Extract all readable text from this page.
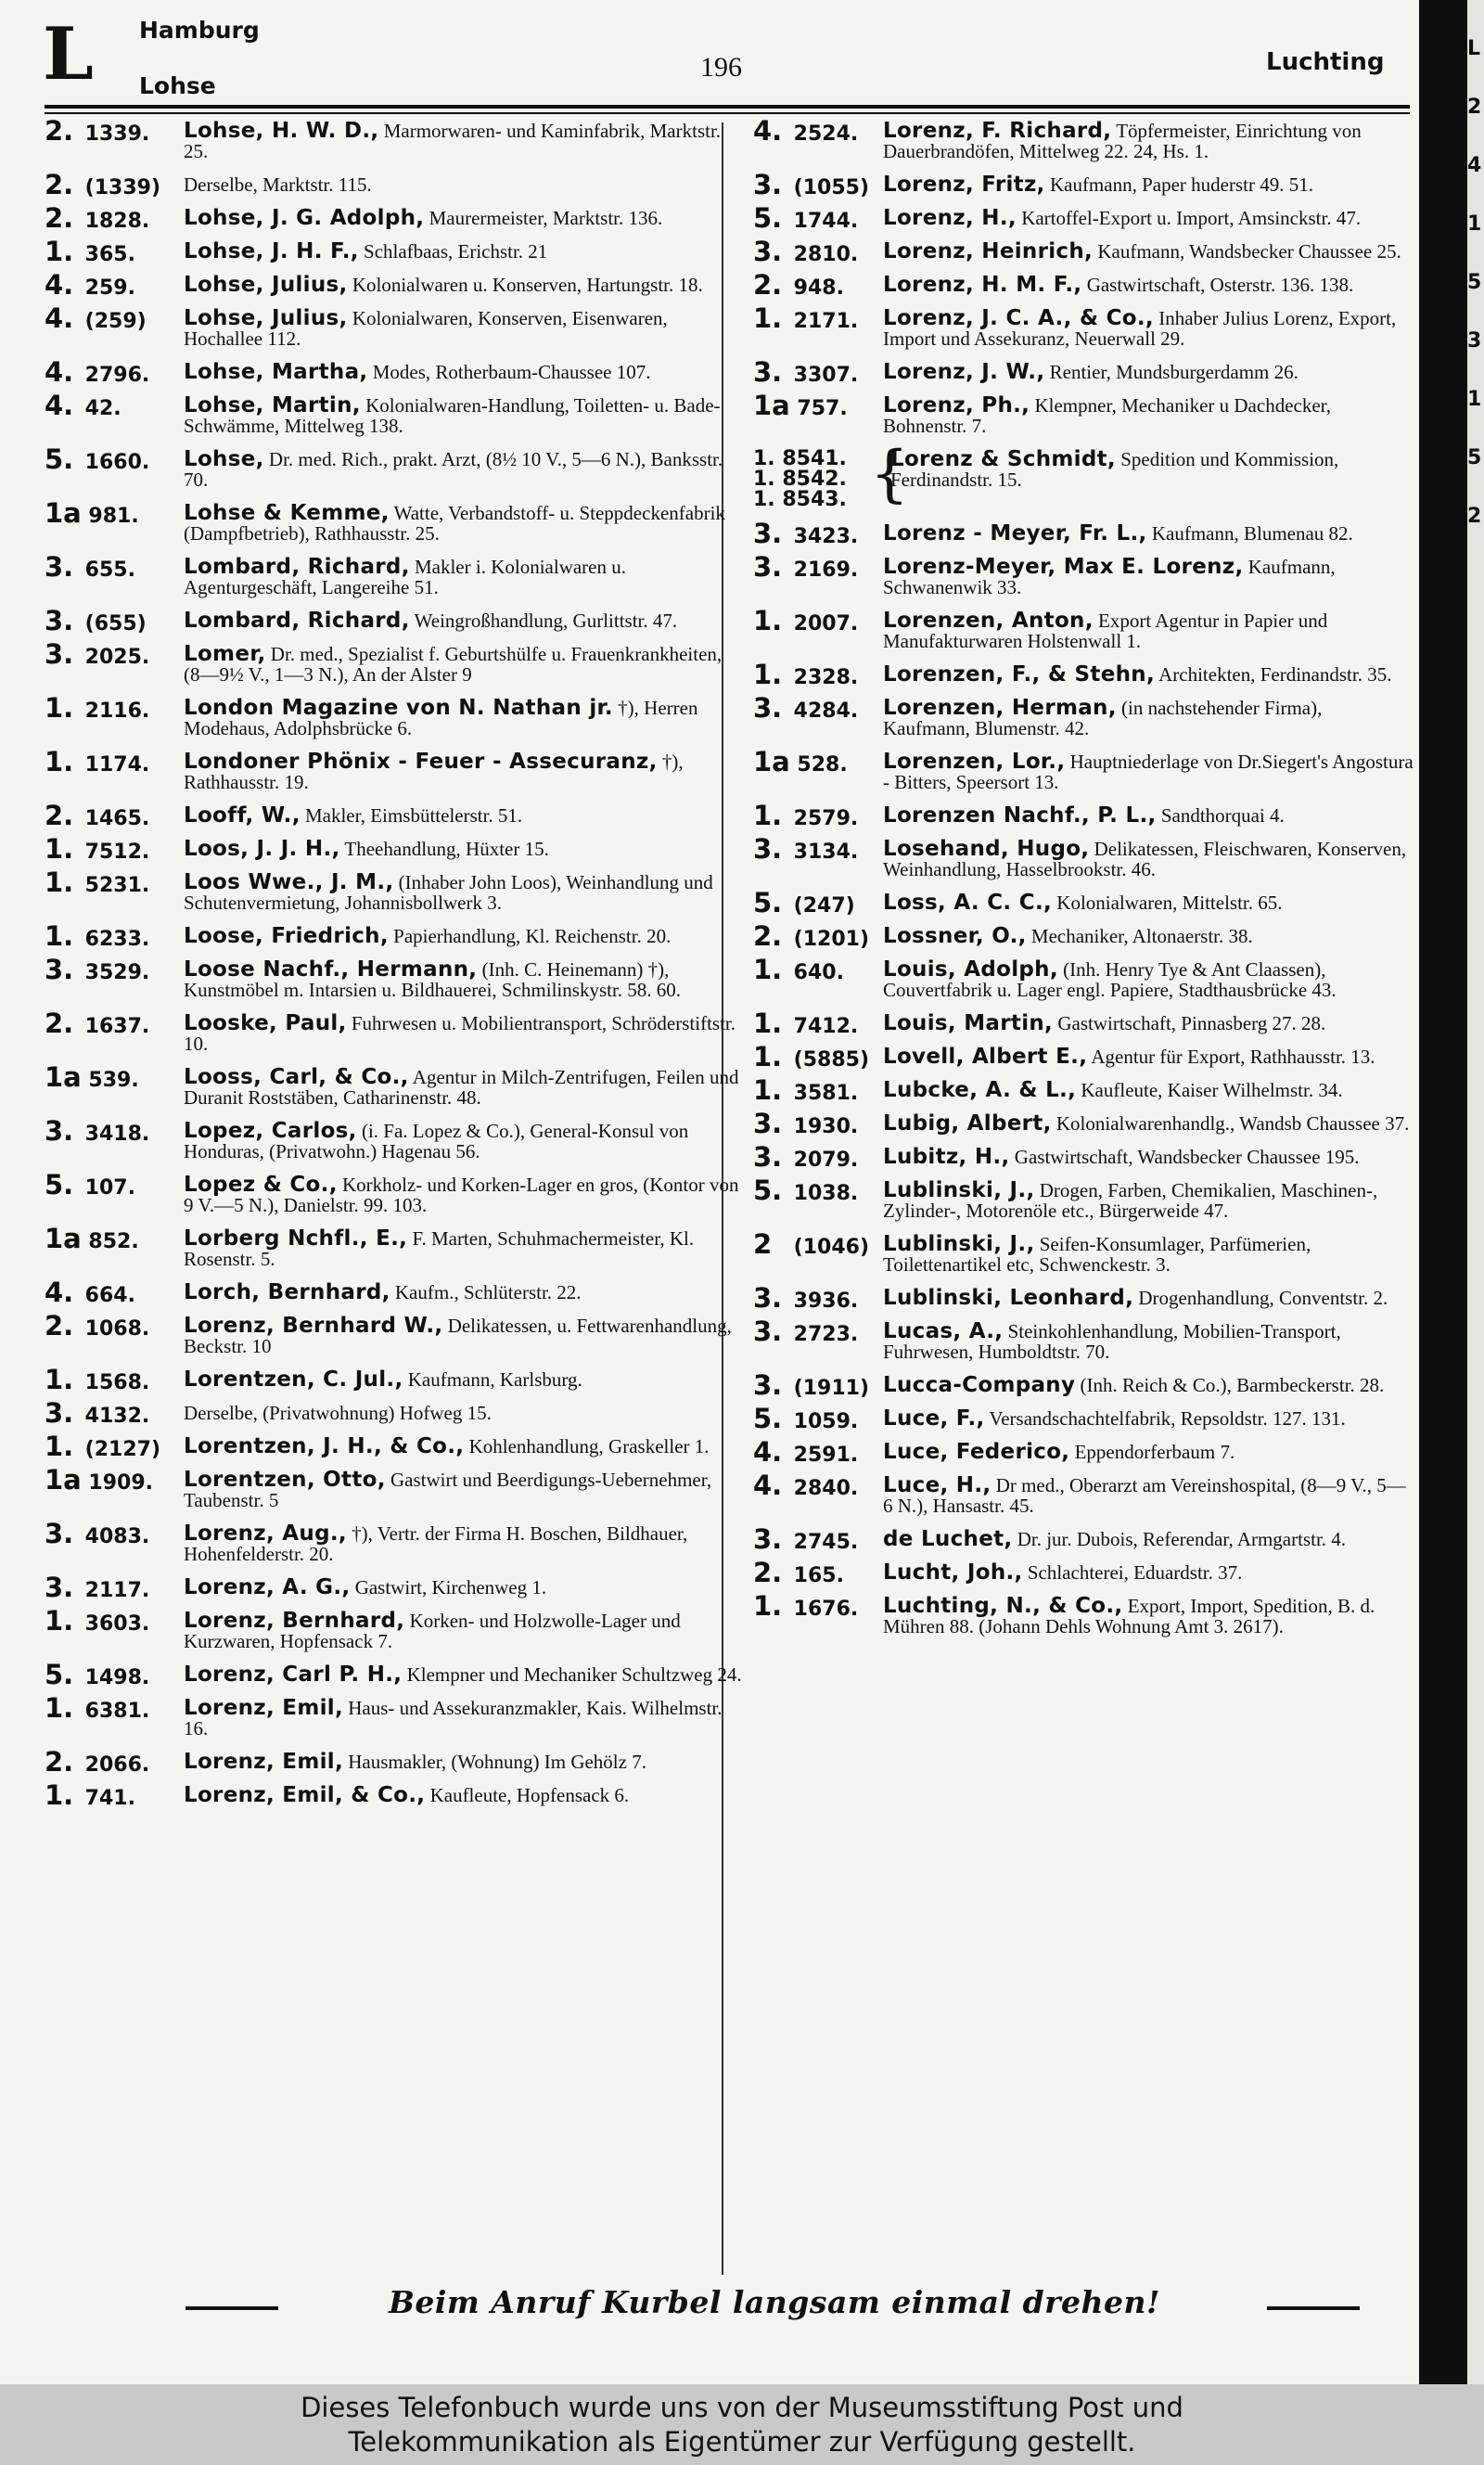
L
2
4
1
5
3
1
5
2
L Hamburg
Lohse
196	Luchting
2. 1339.	Lohse, H. W. D., Marmorwaren- und Kaminfabrik, Marktstr. 25.
2. (1339)	Derselbe, Marktstr. 115.
2. 1828.	Lohse, J. G. Adolph, Maurermeister, Marktstr. 136.
1. 365.	Lohse, J. H. F., Schlafbaas, Erichstr. 21
4. 259.	Lohse, Julius, Kolonialwaren u. Konserven, Hartungstr. 18.
4. (259)	Lohse, Julius, Kolonialwaren, Konserven, Eisenwaren, Hochallee 112.
4. 2796.	Lohse, Martha, Modes, Rotherbaum-Chaussee 107.
4. 42.	Lohse, Martin, Kolonialwaren-Handlung, Toiletten- u. Bade-Schwämme, Mittelweg 138.
5. 1660.	Lohse, Dr. med. Rich., prakt. Arzt, (8½ 10 V., 5—6 N.), Banksstr. 70.
1a 981.	Lohse & Kemme, Watte, Verbandstoff- u. Steppdeckenfabrik (Dampfbetrieb), Rathhausstr. 25.
3. 655.	Lombard, Richard, Makler i. Kolonialwaren u. Agenturgeschäft, Langereihe 51.
3. (655)	Lombard, Richard, Weingroßhandlung, Gurlittstr. 47.
3. 2025.	Lomer, Dr. med., Spezialist f. Geburtshülfe u. Frauenkrankheiten, (8—9½ V., 1—3 N.), An der Alster 9
1. 2116.	London Magazine von N. Nathan jr. †), Herren Modehaus, Adolphsbrücke 6.
1. 1174.	Londoner Phönix - Feuer - Assecuranz, †), Rathhausstr. 19.
2. 1465.	Looff, W., Makler, Eimsbüttelerstr. 51.
1. 7512.	Loos, J. J. H., Theehandlung, Hüxter 15.
1. 5231.	Loos Wwe., J. M., (Inhaber John Loos), Weinhandlung und Schutenvermietung, Johannisbollwerk 3.
1. 6233.	Loose, Friedrich, Papierhandlung, Kl. Reichenstr. 20.
3. 3529.	Loose Nachf., Hermann, (Inh. C. Heinemann) †), Kunstmöbel m. Intarsien u. Bildhauerei, Schmilinskystr. 58. 60.
2. 1637.	Looske, Paul, Fuhrwesen u. Mobilientransport, Schröderstiftstr. 10.
1a 539.	Looss, Carl, & Co., Agentur in Milch-Zentrifugen, Feilen und Duranit Roststäben, Catharinenstr. 48.
3. 3418.	Lopez, Carlos, (i. Fa. Lopez & Co.), General-Konsul von Honduras, (Privatwohn.) Hagenau 56.
5. 107.	Lopez & Co., Korkholz- und Korken-Lager en gros, (Kontor von 9 V.—5 N.), Danielstr. 99. 103.
1a 852.	Lorberg Nchfl., E., F. Marten, Schuhmachermeister, Kl. Rosenstr. 5.
4. 664.	Lorch, Bernhard, Kaufm., Schlüterstr. 22.
2. 1068.	Lorenz, Bernhard W., Delikatessen, u. Fettwarenhandlung, Beckstr. 10
1. 1568.	Lorentzen, C. Jul., Kaufmann, Karlsburg.
3. 4132.	Derselbe, (Privatwohnung) Hofweg 15.
1. (2127)	Lorentzen, J. H., & Co., Kohlenhandlung, Graskeller 1.
1a 1909.	Lorentzen, Otto, Gastwirt und Beerdigungs-Uebernehmer, Taubenstr. 5
3. 4083.	Lorenz, Aug., †), Vertr. der Firma H. Boschen, Bildhauer, Hohenfelderstr. 20.
3. 2117.	Lorenz, A. G., Gastwirt, Kirchenweg 1.
1. 3603.	Lorenz, Bernhard, Korken- und Holzwolle-Lager und Kurzwaren, Hopfensack 7.
5. 1498.	Lorenz, Carl P. H., Klempner und Mechaniker Schultzweg 24.
1. 6381.	Lorenz, Emil, Haus- und Assekuranzmakler, Kais. Wilhelmstr. 16.
2. 2066.	Lorenz, Emil, Hausmakler, (Wohnung) Im Gehölz 7.
1. 741.	Lorenz, Emil, & Co., Kaufleute, Hopfensack 6.
4. 2524.	Lorenz, F. Richard, Töpfermeister, Einrichtung von Dauerbrandöfen, Mittelweg 22. 24, Hs. 1.
3. (1055) Lorenz, Fritz, Kaufmann, Paper huderstr 49. 51.
5. 1744.	Lorenz, H., Kartoffel-Export u. Import, Amsinckstr. 47.
3. 2810.	Lorenz, Heinrich, Kaufmann, Wandsbecker Chaussee 25.
2. 948.	Lorenz, H. M. F., Gastwirtschaft, Osterstr. 136. 138.
1. 2171.	Lorenz, J. C. A., & Co., Inhaber Julius Lorenz, Export, Import und Assekuranz, Neuerwall 29.
3. 3307.	Lorenz, J. W., Rentier, Mundsburgerdamm 26.
1a 757.	Lorenz, Ph., Klempner, Mechaniker u Dachdecker, Bohnenstr. 7.
1. 8541.
1. 8542.
1. 8543. {
Lorenz & Schmidt, Spedition und Kommission, Ferdinandstr. 15.
3. 3423.	Lorenz - Meyer, Fr. L., Kaufmann, Blumenau 82.
3. 2169.	Lorenz-Meyer, Max E. Lorenz, Kaufmann, Schwanenwik 33.
1. 2007.	Lorenzen, Anton, Export Agentur in Papier und Manufakturwaren Holstenwall 1.
1. 2328.	Lorenzen, F., & Stehn, Architekten, Ferdinandstr. 35.
3. 4284.	Lorenzen, Herman, (in nachstehender Firma), Kaufmann, Blumenstr. 42.
1a 528.	Lorenzen, Lor., Hauptniederlage von Dr.Siegert's Angostura - Bitters, Speersort 13.
1. 2579.	Lorenzen Nachf., P. L., Sandthorquai 4.
3. 3134.	Losehand, Hugo, Delikatessen, Fleischwaren, Konserven, Weinhandlung, Hasselbrookstr. 46.
5. (247)	Loss, A. C. C., Kolonialwaren, Mittelstr. 65.
2. (1201) Lossner, O., Mechaniker, Altonaerstr. 38.
1. 640.	Louis, Adolph, (Inh. Henry Tye & Ant Claassen), Couvertfabrik u. Lager engl. Papiere, Stadthausbrücke 43.
1. 7412.	Louis, Martin, Gastwirtschaft, Pinnasberg 27. 28.
1. (5885) Lovell, Albert E., Agentur für Export, Rathhausstr. 13.
1. 3581.	Lubcke, A. & L., Kaufleute, Kaiser Wilhelmstr. 34.
3. 1930.	Lubig, Albert, Kolonialwarenhandlg., Wandsb Chaussee 37.
3. 2079.	Lubitz, H., Gastwirtschaft, Wandsbecker Chaussee 195.
5. 1038.	Lublinski, J., Drogen, Farben, Chemikalien, Maschinen-, Zylinder-, Motorenöle etc., Bürgerweide 47.
2 (1046) Lublinski, J., Seifen-Konsumlager, Parfümerien, Toilettenartikel etc, Schwenckestr. 3.
3. 3936.	Lublinski, Leonhard, Drogenhandlung, Conventstr. 2.
3. 2723.	Lucas, A., Steinkohlenhandlung, Mobilien-Transport, Fuhrwesen, Humboldtstr. 70.
3. (1911) Lucca-Company (Inh. Reich & Co.), Barmbeckerstr. 28.
5. 1059.	Luce, F., Versandschachtelfabrik, Repsoldstr. 127. 131.
4. 2591.	Luce, Federico, Eppendorferbaum 7.
4. 2840.	Luce, H., Dr med., Oberarzt am Vereinshospital, (8—9 V., 5—6 N.), Hansastr. 45.
3. 2745.	de Luchet, Dr. jur. Dubois, Referendar, Armgartstr. 4.
2. 165.	Lucht, Joh., Schlachterei, Eduardstr. 37.
1. 1676.	Luchting, N., & Co., Export, Import, Spedition, B. d. Mühren 88. (Johann Dehls Wohnung Amt 3. 2617).
Beim Anruf Kurbel langsam einmal drehen!
Dieses Telefonbuch wurde uns von der Museumsstiftung Post und
Telekommunikation als Eigentümer zur Verfügung gestellt.
